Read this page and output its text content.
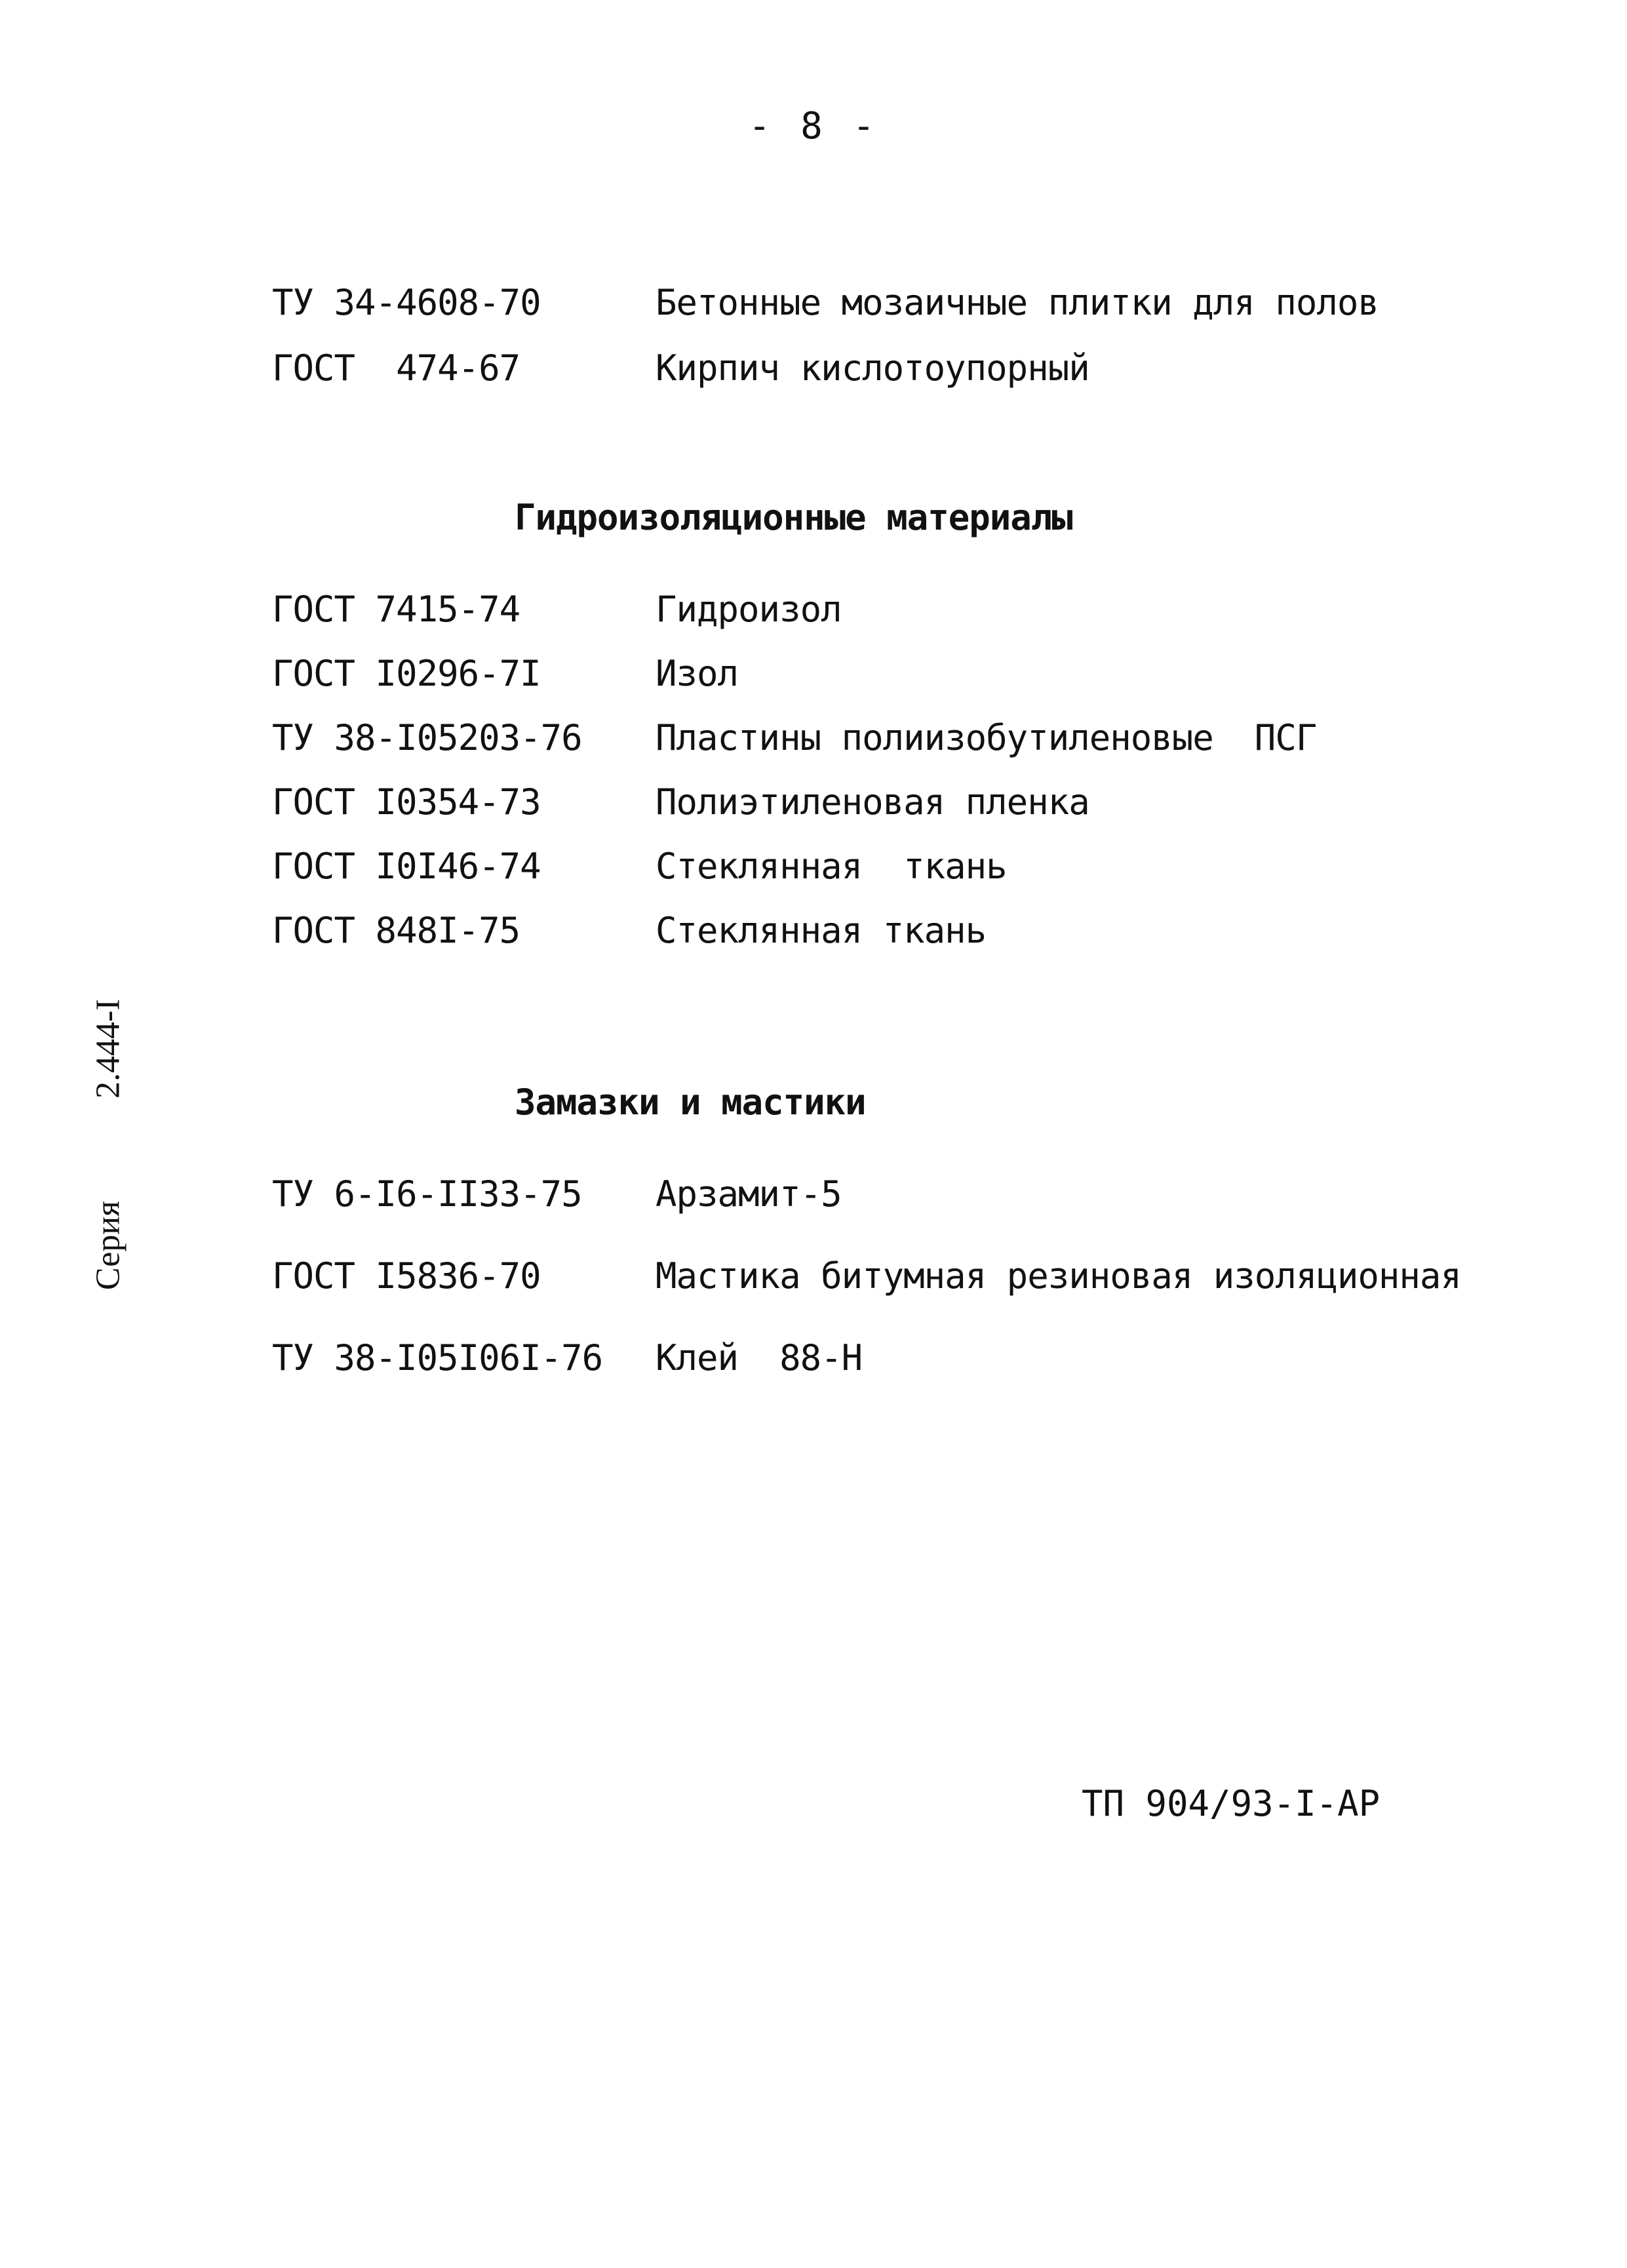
- 8 -
ТУ 34-4608-70	Бетонные мозаичные плитки для полов
ГОСТ  474-67	Кирпич кислотоупорный
Гидроизоляционные материалы
ГОСТ 7415-74	Гидроизол
ГОСТ I0296-7I	Изол
ТУ 38-I05203-76	Пластины полиизобутиленовые  ПСГ
ГОСТ I0354-73	Полиэтиленовая пленка
ГОСТ I0I46-74	Стеклянная  ткань
ГОСТ 848I-75	Стеклянная ткань
Замазки и мастики
ТУ 6-I6-II33-75	Арзамит-5
ГОСТ I5836-70	Мастика битумная резиновая изоляционная
ТУ 38-I05I06I-76	Клей  88-Н
2.444-I
Серия
ТП 904/93-I-АР
